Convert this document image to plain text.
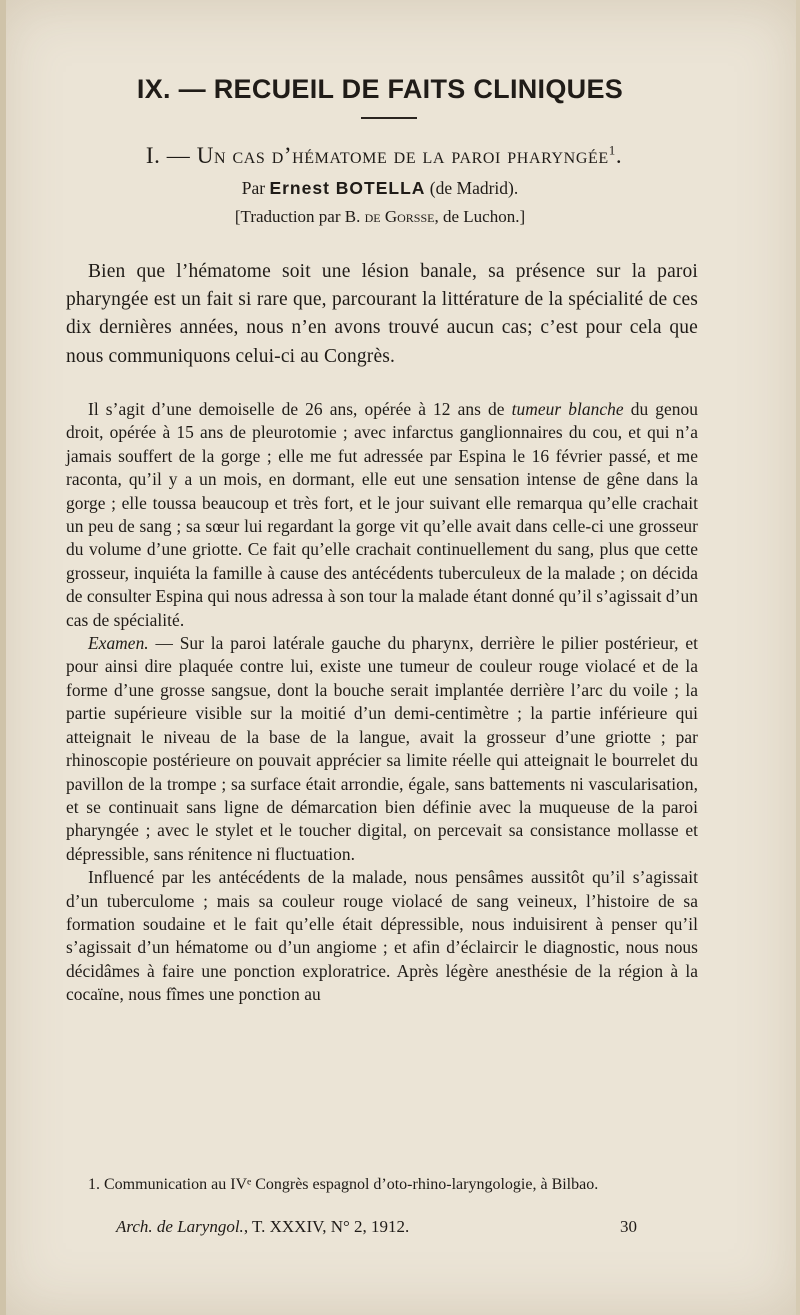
IX. — RECUEIL DE FAITS CLINIQUES
I. — Un cas d’hématome de la paroi pharyngée$^1$.
Par Ernest BOTELLA (de Madrid).
[Traduction par B. de Gorsse, de Luchon.]

Bien que l’hématome soit une lésion banale, sa présence sur la paroi pharyngée est un fait si rare que, parcourant la littérature de la spécialité de ces dix dernières années, nous n’en avons trouvé aucun cas; c’est pour cela que nous communiquons celui-ci au Congrès.

Il s’agit d’une demoiselle de 26 ans, opérée à 12 ans de tumeur blanche du genou droit, opérée à 15 ans de pleurotomie ; avec infarctus ganglionnaires du cou, et qui n’a jamais souffert de la gorge ; elle me fut adressée par Espina le 16 février passé, et me raconta, qu’il y a un mois, en dormant, elle eut une sensation intense de gêne dans la gorge ; elle toussa beaucoup et très fort, et le jour suivant elle remarqua qu’elle crachait un peu de sang ; sa sœur lui regardant la gorge vit qu’elle avait dans celle-ci une grosseur du volume d’une griotte. Ce fait qu’elle crachait continuellement du sang, plus que cette grosseur, inquiéta la famille à cause des antécédents tuberculeux de la malade ; on décida de consulter Espina qui nous adressa à son tour la malade étant donné qu’il s’agissait d’un cas de spécialité.

Examen. — Sur la paroi latérale gauche du pharynx, derrière le pilier postérieur, et pour ainsi dire plaquée contre lui, existe une tumeur de couleur rouge violacé et de la forme d’une grosse sangsue, dont la bouche serait implantée derrière l’arc du voile ; la partie supérieure visible sur la moitié d’un demi-centimètre ; la partie inférieure qui atteignait le niveau de la base de la langue, avait la grosseur d’une griotte ; par rhinoscopie postérieure on pouvait apprécier sa limite réelle qui atteignait le bourrelet du pavillon de la trompe ; sa surface était arrondie, égale, sans battements ni vascularisation, et se continuait sans ligne de démarcation bien définie avec la muqueuse de la paroi pharyngée ; avec le stylet et le toucher digital, on percevait sa consistance mollasse et dépressible, sans rénitence ni fluctuation.

Influencé par les antécédents de la malade, nous pensâmes aussitôt qu’il s’agissait d’un tuberculome ; mais sa couleur rouge violacé de sang veineux, l’histoire de sa formation soudaine et le fait qu’elle était dépressible, nous induisirent à penser qu’il s’agissait d’un hématome ou d’un angiome ; et afin d’éclaircir le diagnostic, nous nous décidâmes à faire une ponction exploratrice. Après légère anesthésie de la région à la cocaïne, nous fîmes une ponction au

1. Communication au IVᵉ Congrès espagnol d’oto-rhino-laryngologie, à Bilbao.

Arch. de Laryngol., T. XXXIV, N° 2, 1912.	30
